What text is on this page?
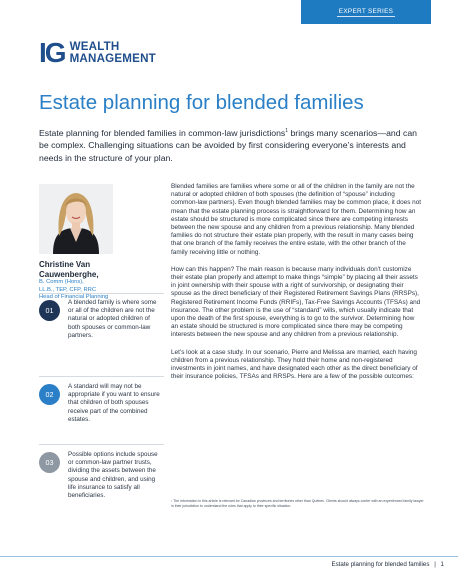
EXPERT SERIES
IG WEALTH
MANAGEMENT
Estate planning for blended families

Estate planning for blended families in common-law jurisdictions$^1$ brings many scenarios—and can be complex. Challenging situations can be avoided by first considering everyone’s interests and needs in the structure of your plan.

Christine Van
Cauwenberghe,
B. Comm (Hons),
LL.B., TEP, CFP, RRC
Head of Financial Planning
01
A blended family is where some or all of the children are not the natural or adopted children of both spouses or common-law partners.
02
A standard will may not be appropriate if you want to ensure that children of both spouses receive part of the combined estates.
03
Possible options include spouse or common-law partner trusts, dividing the assets between the spouse and children, and using life insurance to satisfy all beneficiaries.

Blended families are families where some or all of the children in the family are not the natural or adopted children of both spouses (the definition of “spouse” including common-law partners). Even though blended families may be common place, it does not mean that the estate planning process is straightforward for them. Determining how an estate should be structured is more complicated since there are competing interests between the new spouse and any children from a previous relationship. Many blended families do not structure their estate plan properly, with the result in many cases being that one branch of the family receives the entire estate, with the other branch of the family receiving little or nothing.

How can this happen? The main reason is because many individuals don’t customize their estate plan properly and attempt to make things “simple” by placing all their assets in joint ownership with their spouse with a right of survivorship, or designating their spouse as the direct beneficiary of their Registered Retirement Savings Plans (RRSPs), Registered Retirement Income Funds (RRIFs), Tax-Free Savings Accounts (TFSAs) and insurance. The other problem is the use of “standard” wills, which usually indicate that upon the death of the first spouse, everything is to go to the survivor. Determining how an estate should be structured is more complicated since there may be competing interests between the new spouse and any children from a previous relationship.

Let’s look at a case study. In our scenario, Pierre and Melissa are married, each having children from a previous relationship. They hold their home and non-registered investments in joint names, and have designated each other as the direct beneficiary of their insurance policies, TFSAs and RRSPs. Here are a few of the possible outcomes:

¹ The information in this article is relevant for Canadian provinces and territories other than Québec. Clients should always confer with an experienced family lawyer in their jurisdiction to understand the rules that apply to their specific situation.
Estate planning for blended families | 1
